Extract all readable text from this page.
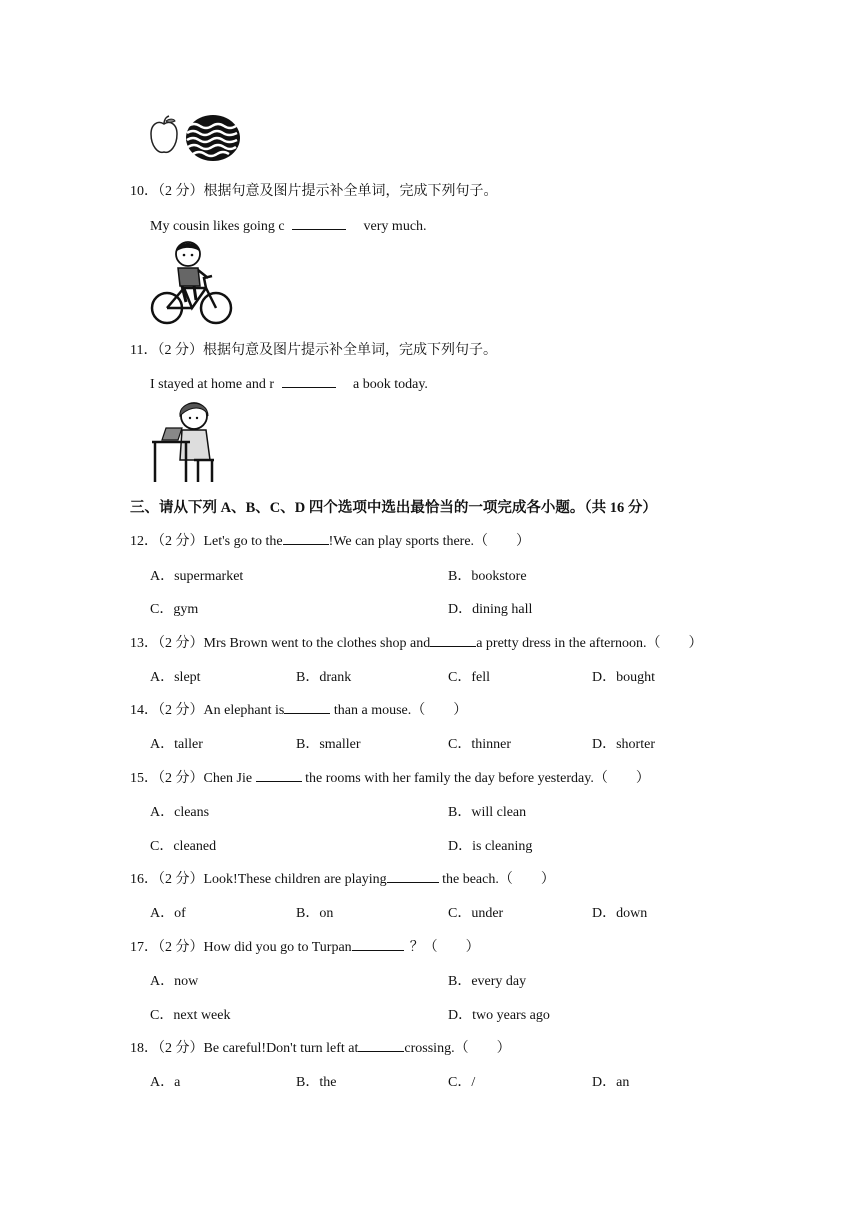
10．（2 分）根据句意及图片提示补全单词，完成下列句子。
My cousin likes going c	very much.
11．（2 分）根据句意及图片提示补全单词，完成下列句子。
I stayed at home and r	a book today.
三、请从下列 A、B、C、D 四个选项中选出最恰当的一项完成各小题。（共 16 分）
12．（2 分）Let's go to the	!We can play sports there.（　　）
A．supermarket	B．bookstore
C．gym	D．dining hall
13．（2 分）Mrs Brown went to the clothes shop and	a pretty dress in the afternoon.（　　）
A．slept	B．drank	C．fell	D．bought
14．（2 分）An elephant is	than a mouse.（　　）
A．taller	B．smaller	C．thinner	D．shorter
15．（2 分）Chen Jie	the rooms with her family the day before yesterday.（　　）
A．cleans	B．will clean
C．cleaned	D．is cleaning
16．（2 分）Look!These children are playing	the beach.（　　）
A．of	B．on	C．under	D．down
17．（2 分）How did you go to Turpan	？（　　）
A．now	B．every day
C．next week	D．two years ago
18．（2 分）Be careful!Don't turn left at	crossing.（　　）
A．a	B．the	C．/	D．an
